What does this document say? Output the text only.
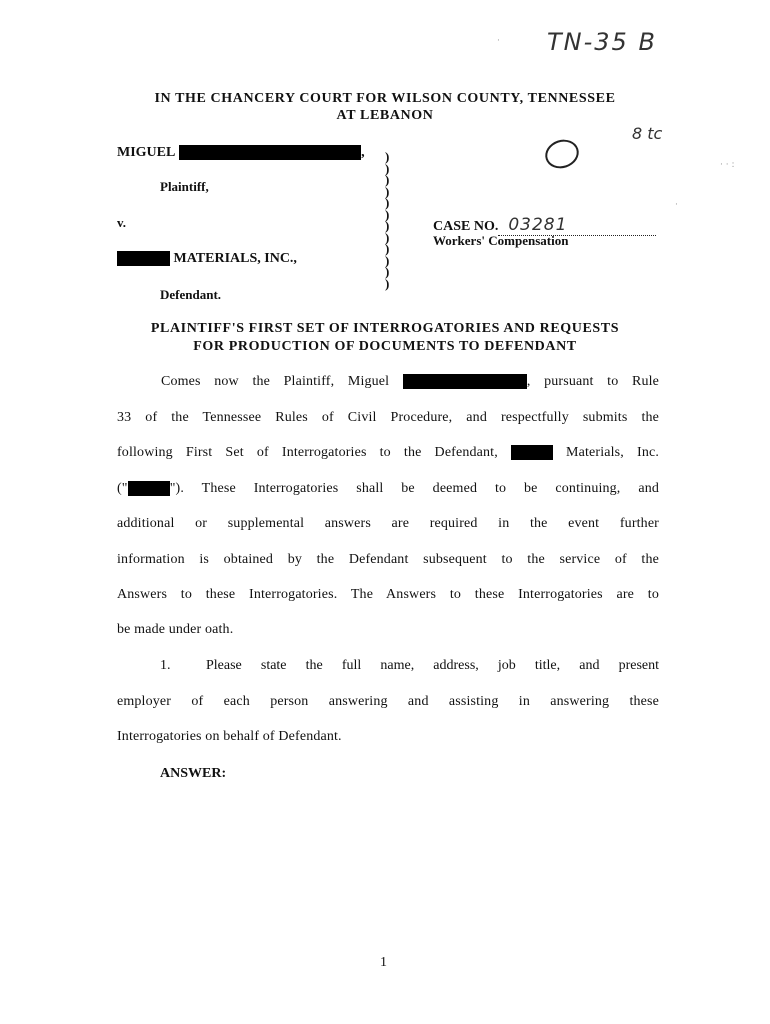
TN-35 B
8 tc
·
· · :
·
IN THE CHANCERY COURT FOR WILSON COUNTY, TENNESSEE
AT LEBANON
MIGUEL	,
Plaintiff,
v.
MATERIALS, INC.,
Defendant.
)
)
)
)
)
)
)
)
)
)
)
)
CASE NO. 03281
Workers' Compensation
PLAINTIFF'S FIRST SET OF INTERROGATORIES AND REQUESTS
FOR PRODUCTION OF DOCUMENTS TO DEFENDANT
Comes now the Plaintiff, Miguel	, pursuant to Rule
33 of the Tennessee Rules of Civil Procedure, and respectfully submits the
following First Set of Interrogatories to the Defendant,	Materials, Inc.
("	"). These Interrogatories shall be deemed to be continuing, and
additional or supplemental answers are required in the event further
information is obtained by the Defendant subsequent to the service of the
Answers to these Interrogatories. The Answers to these Interrogatories are to
be made under oath.
1.	Please state the full name, address, job title, and present
employer of each person answering and assisting in answering these
Interrogatories on behalf of Defendant.
ANSWER:
1
